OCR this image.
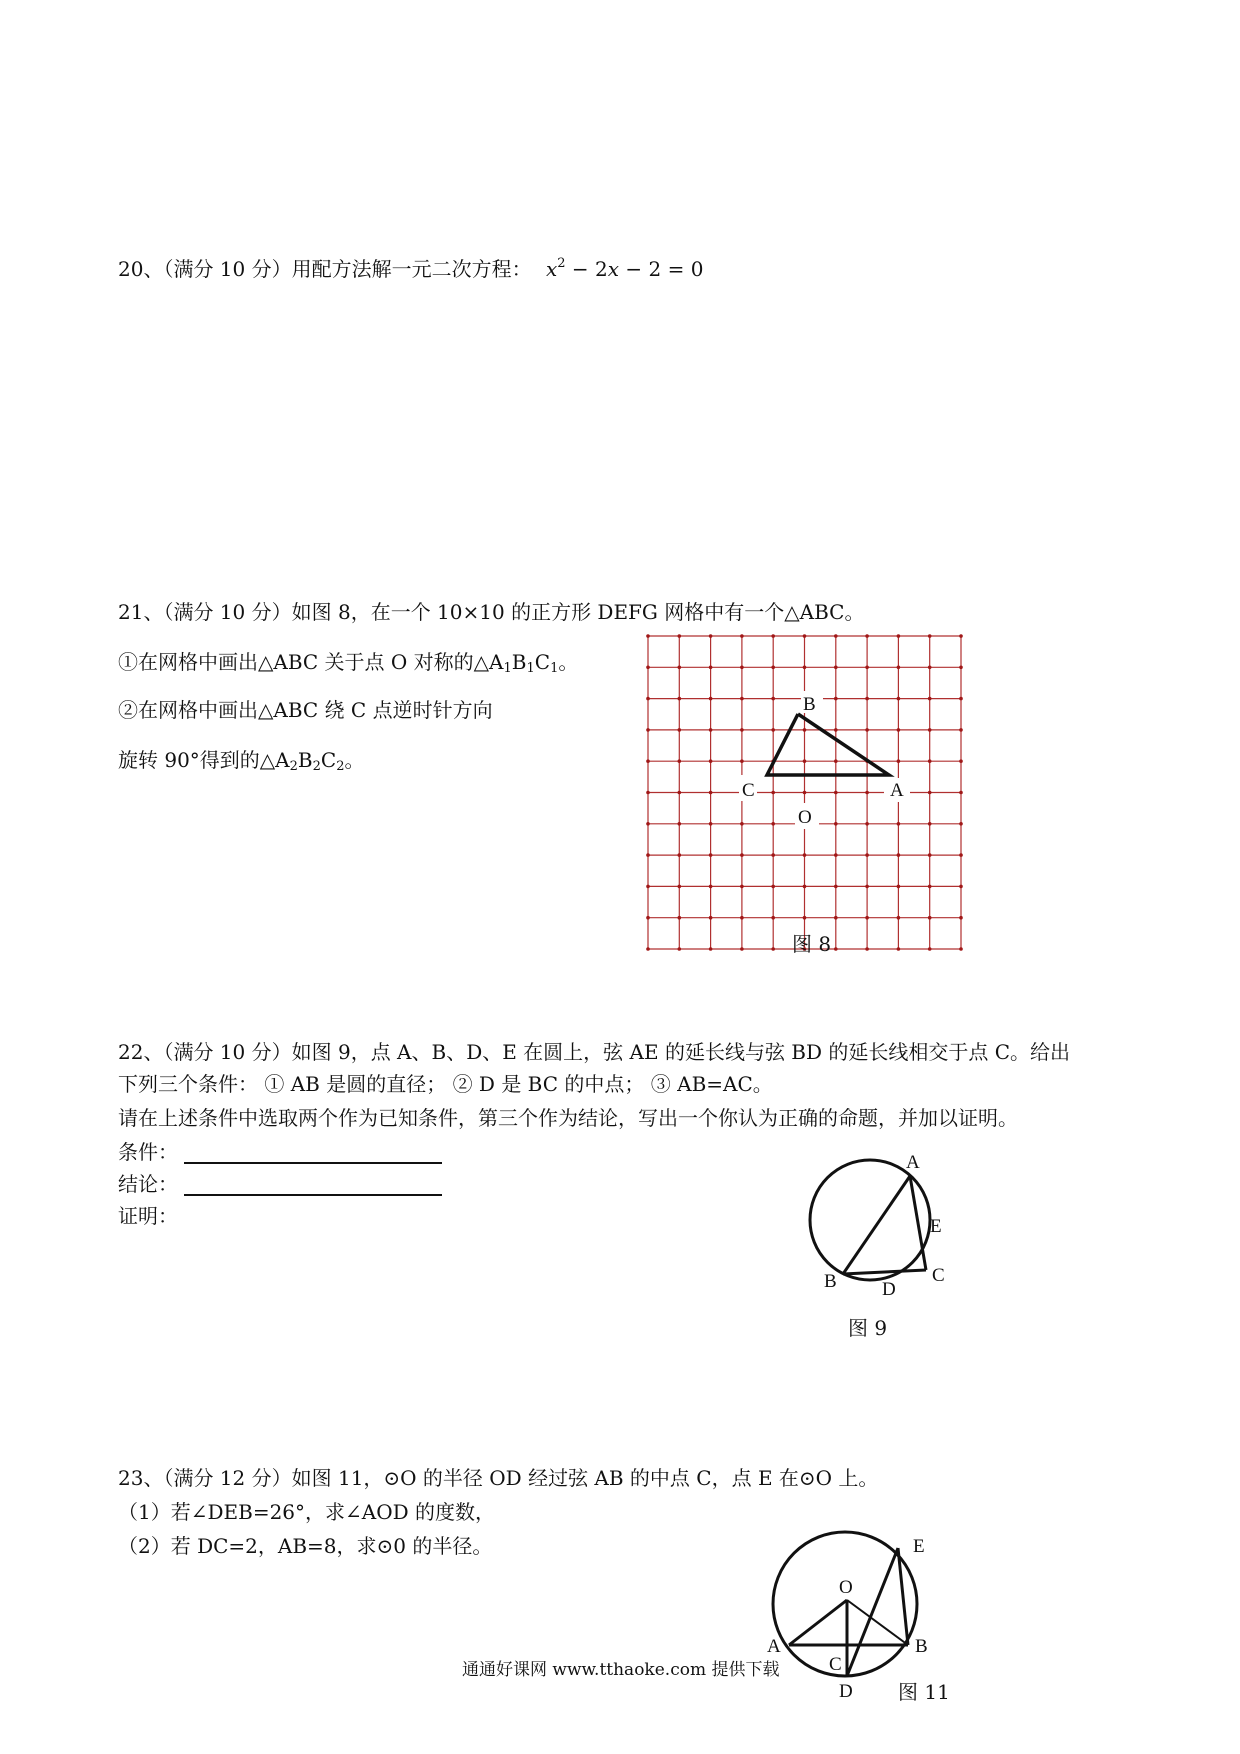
20、（满分 10 分）用配方法解一元二次方程： $x^2 - 2x - 2 = 0$
21、（满分 10 分）如图 8，在一个 10×10 的正方形 DEFG 网格中有一个△ABC。
①在网格中画出△ABC 关于点 O 对称的$\triangle A_1B_1C_1$。
②在网格中画出△ABC 绕 C 点逆时针方向
旋转 90°得到的$\triangle A_2B_2C_2$。
B
C	A
O
图 8
22、（满分 10 分）如图 9，点 A、B、D、E 在圆上，弦 AE 的延长线与弦 BD 的延长线相交于点 C。给出
下列三个条件： ① AB 是圆的直径； ② D 是 BC 的中点； ③ AB=AC。
请在上述条件中选取两个作为已知条件，第三个作为结论，写出一个你认为正确的命题，并加以证明。
条件：
结论：
证明：
A
E
B D
C
图 9
23、（满分 12 分）如图 11，⊙O 的半径 OD 经过弦 AB 的中点 C，点 E 在⊙O 上。
（1）若∠DEB=26°，求∠AOD 的度数，
（2）若 DC=2，AB=8，求⊙0 的半径。
O
E
A	B
C
D 图 11
通通好课网 www.tthaoke.com 提供下载
